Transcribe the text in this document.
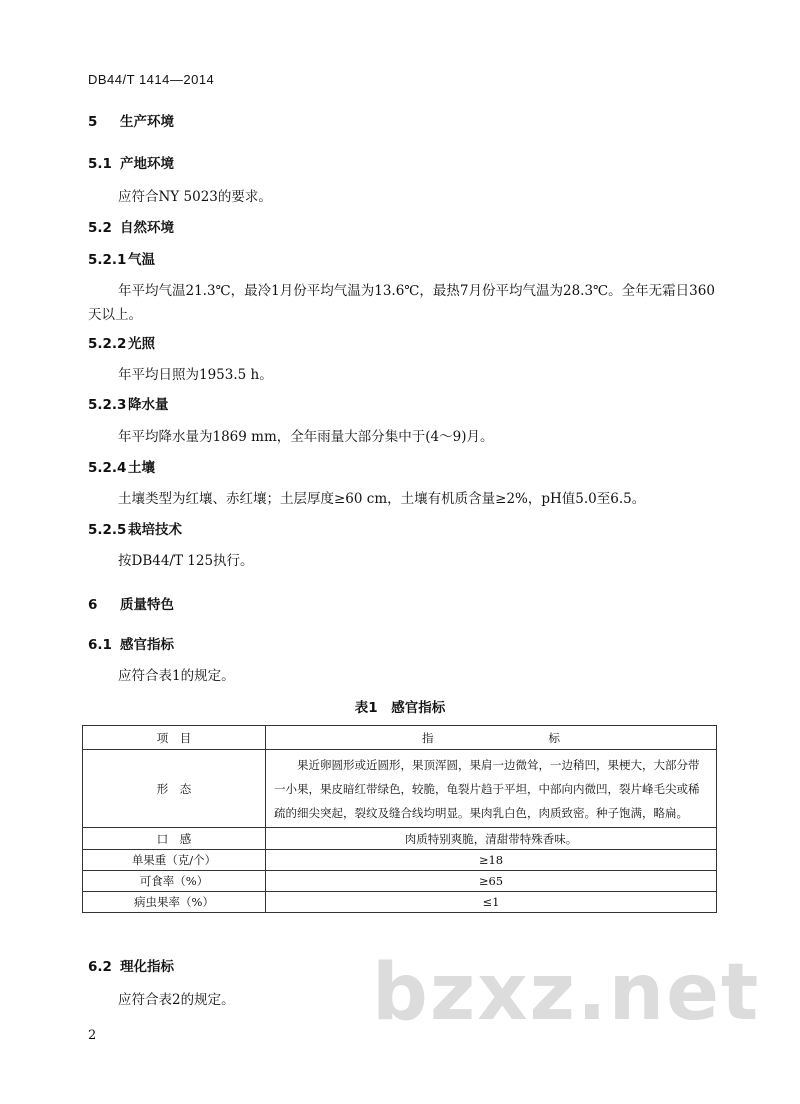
DB44/T 1414—2014
5 生产环境
5.1 产地环境
应符合NY 5023的要求。
5.2 自然环境
5.2.1 气温
年平均气温21.3℃，最冷1月份平均气温为13.6℃，最热7月份平均气温为28.3℃。全年无霜日360
天以上。
5.2.2 光照
年平均日照为1953.5 h。
5.2.3 降水量
年平均降水量为1869 mm，全年雨量大部分集中于(4～9)月。
5.2.4 土壤
土壤类型为红壤、赤红壤；土层厚度≥60 cm，土壤有机质含量≥2%，pH值5.0至6.5。
5.2.5 栽培技术
按DB44/T 125执行。
6 质量特色
6.1 感官指标
应符合表1的规定。
表1　感官指标
项　目	指　　　　　　　　　　标
形　态	果近卵圆形或近圆形，果顶浑圆，果肩一边微耸，一边稍凹，果梗大，大部分带一小果，果皮暗红带绿色，较脆，龟裂片趋于平坦，中部向内微凹，裂片峰毛尖或稀疏的细尖突起，裂纹及缝合线均明显。果肉乳白色，肉质致密。种子饱满，略扁。
口　感	肉质特别爽脆，清甜带特殊香味。
单果重（克/个）	≥18
可食率（%）	≥65
病虫果率（%）	≤1
6.2 理化指标
应符合表2的规定。 bzxz.net
2
